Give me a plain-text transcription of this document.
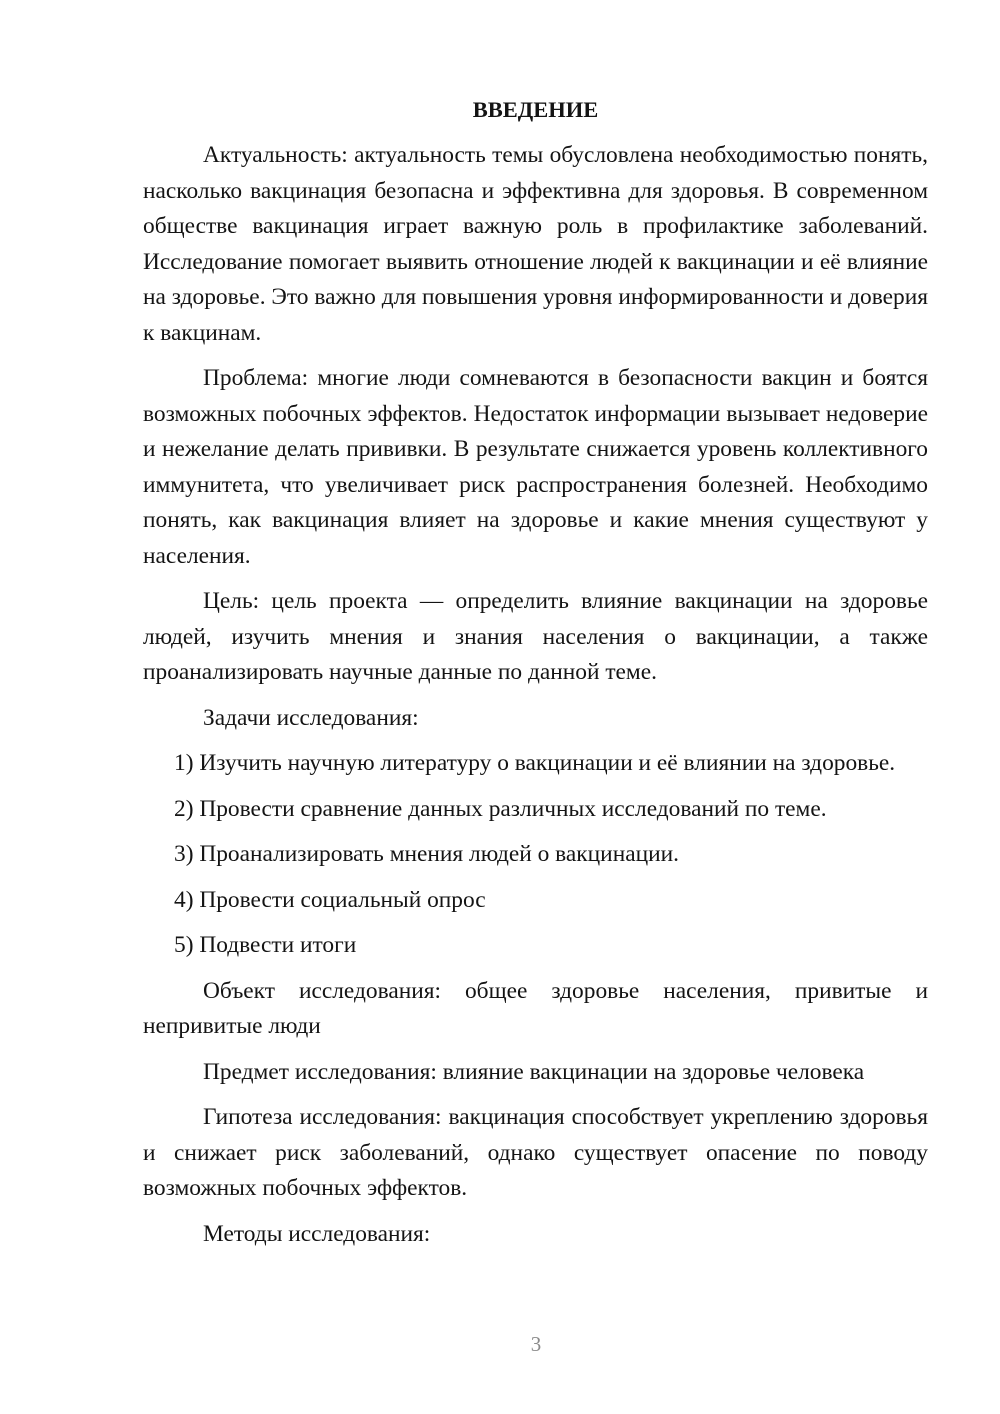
ВВЕДЕНИЕ

Актуальность: актуальность темы обусловлена необходимостью понять, насколько вакцинация безопасна и эффективна для здоровья. В современном обществе вакцинация играет важную роль в профилактике заболеваний. Исследование помогает выявить отношение людей к вакцинации и её влияние на здоровье. Это важно для повышения уровня информированности и доверия к вакцинам.

Проблема: многие люди сомневаются в безопасности вакцин и боятся возможных побочных эффектов. Недостаток информации вызывает недоверие и нежелание делать прививки. В результате снижается уровень коллективного иммунитета, что увеличивает риск распространения болезней. Необходимо понять, как вакцинация влияет на здоровье и какие мнения существуют у населения.

Цель: цель проекта — определить влияние вакцинации на здоровье людей, изучить мнения и знания населения о вакцинации, а также проанализировать научные данные по данной теме.

Задачи исследования:

1) Изучить научную литературу о вакцинации и её влиянии на здоровье.

2) Провести сравнение данных различных исследований по теме.

3) Проанализировать мнения людей о вакцинации.

4) Провести социальный опрос

5) Подвести итоги

Объект исследования: общее здоровье населения, привитые и непривитые люди

Предмет исследования: влияние вакцинации на здоровье человека

Гипотеза исследования: вакцинация способствует укреплению здоровья и снижает риск заболеваний, однако существует опасение по поводу возможных побочных эффектов.

Методы исследования:

3
